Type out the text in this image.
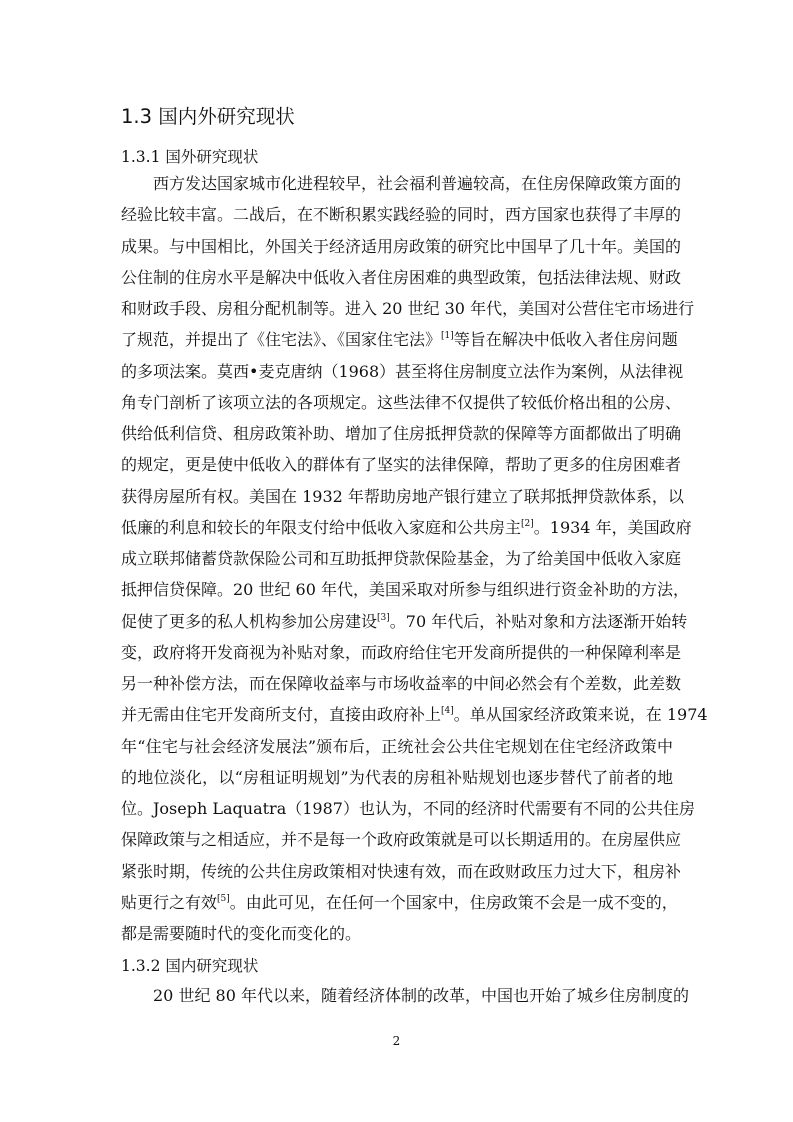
1.3 国内外研究现状
1.3.1 国外研究现状
西方发达国家城市化进程较早，社会福利普遍较高，在住房保障政策方面的
经验比较丰富。二战后，在不断积累实践经验的同时，西方国家也获得了丰厚的
成果。与中国相比，外国关于经济适用房政策的研究比中国早了几十年。美国的
公住制的住房水平是解决中低收入者住房困难的典型政策，包括法律法规、财政
和财政手段、房租分配机制等。进入 20 世纪 30 年代，美国对公营住宅市场进行
了规范，并提出了《住宅法》、《国家住宅法》[1]等旨在解决中低收入者住房问题
的多项法案。莫西•麦克唐纳（1968）甚至将住房制度立法作为案例，从法律视
角专门剖析了该项立法的各项规定。这些法律不仅提供了较低价格出租的公房、
供给低利信贷、租房政策补助、增加了住房抵押贷款的保障等方面都做出了明确
的规定，更是使中低收入的群体有了坚实的法律保障，帮助了更多的住房困难者
获得房屋所有权。美国在 1932 年帮助房地产银行建立了联邦抵押贷款体系，以
低廉的利息和较长的年限支付给中低收入家庭和公共房主[2]。1934 年，美国政府
成立联邦储蓄贷款保险公司和互助抵押贷款保险基金，为了给美国中低收入家庭
抵押信贷保障。20 世纪 60 年代，美国采取对所参与组织进行资金补助的方法，
促使了更多的私人机构参加公房建设[3]。70 年代后，补贴对象和方法逐渐开始转
变，政府将开发商视为补贴对象，而政府给住宅开发商所提供的一种保障利率是
另一种补偿方法，而在保障收益率与市场收益率的中间必然会有个差数，此差数
并无需由住宅开发商所支付，直接由政府补上[4]。单从国家经济政策来说，在 1974
年“住宅与社会经济发展法”颁布后，正统社会公共住宅规划在住宅经济政策中
的地位淡化，以“房租证明规划”为代表的房租补贴规划也逐步替代了前者的地
位。Joseph Laquatra（1987）也认为，不同的经济时代需要有不同的公共住房
保障政策与之相适应，并不是每一个政府政策就是可以长期适用的。在房屋供应
紧张时期，传统的公共住房政策相对快速有效，而在政财政压力过大下，租房补
贴更行之有效[5]。由此可见，在任何一个国家中，住房政策不会是一成不变的，
都是需要随时代的变化而变化的。
1.3.2 国内研究现状
20 世纪 80 年代以来，随着经济体制的改革，中国也开始了城乡住房制度的
2
